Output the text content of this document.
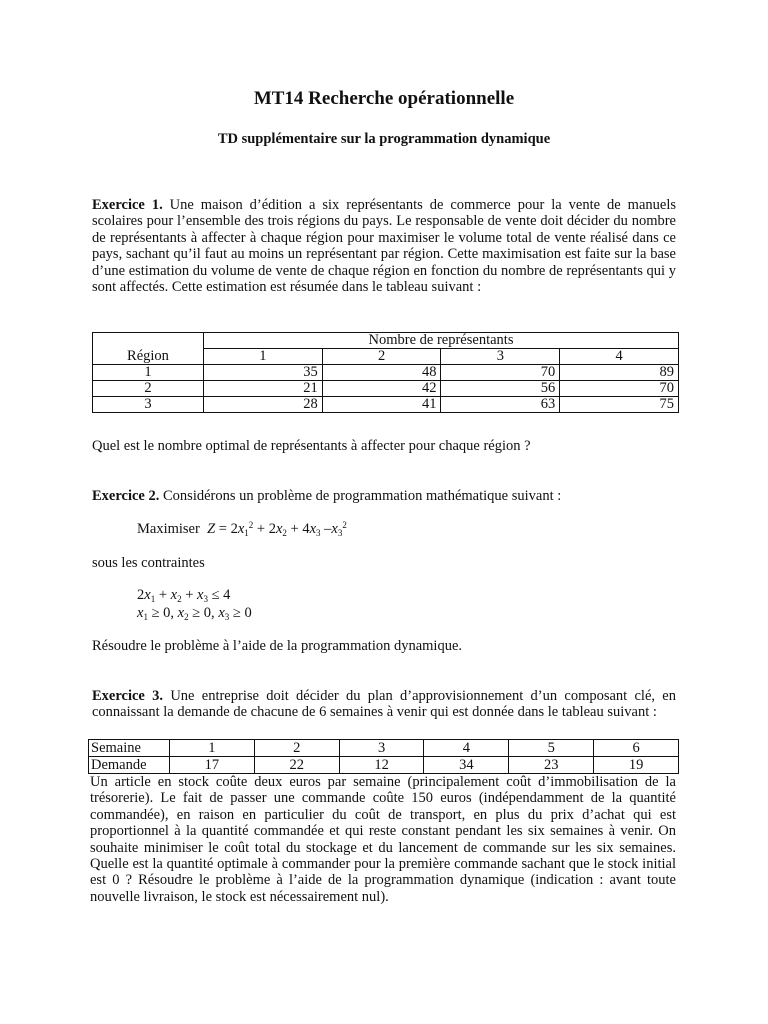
MT14 Recherche opérationnelle
TD supplémentaire sur la programmation dynamique
Exercice 1. Une maison d’édition a six représentants de commerce pour la vente de manuels scolaires pour l’ensemble des trois régions du pays. Le responsable de vente doit décider du nombre de représentants à affecter à chaque région pour maximiser le volume total de vente réalisé dans ce pays, sachant qu’il faut au moins un représentant par région. Cette maximisation est faite sur la base d’une estimation du volume de vente de chaque région en fonction du nombre de représentants qui y sont affectés. Cette estimation est résumée dans le tableau suivant :
Région	Nombre de représentants			
	1	2	3	4
1	35	48	70	89
2	21	42	56	70
3	28	41	63	75
Quel est le nombre optimal de représentants à affecter pour chaque région ?
Exercice 2. Considérons un problème de programmation mathématique suivant :
Maximiser $Z = 2x_1^2 + 2x_2 + 4x_3$ $-x_3^2$
sous les contraintes
$2x_1 + x_2 + x_3 \le 4$
$x_1 \ge 0$, $x_2 \ge 0$, $x_3 \ge 0$
Résoudre le problème à l’aide de la programmation dynamique.
Exercice 3. Une entreprise doit décider du plan d’approvisionnement d’un composant clé, en connaissant la demande de chacune de 6 semaines à venir qui est donnée dans le tableau suivant :
Semaine	1	2	3	4	5	6
Demande	17	22	12	34	23	19
Un article en stock coûte deux euros par semaine (principalement coût d’immobilisation de la trésorerie). Le fait de passer une commande coûte 150 euros (indépendamment de la quantité commandée), en raison en particulier du coût de transport, en plus du prix d’achat qui est proportionnel à la quantité commandée et qui reste constant pendant les six semaines à venir. On souhaite minimiser le coût total du stockage et du lancement de commande sur les six semaines. Quelle est la quantité optimale à commander pour la première commande sachant que le stock initial est 0 ? Résoudre le problème à l’aide de la programmation dynamique (indication : avant toute nouvelle livraison, le stock est nécessairement nul).
